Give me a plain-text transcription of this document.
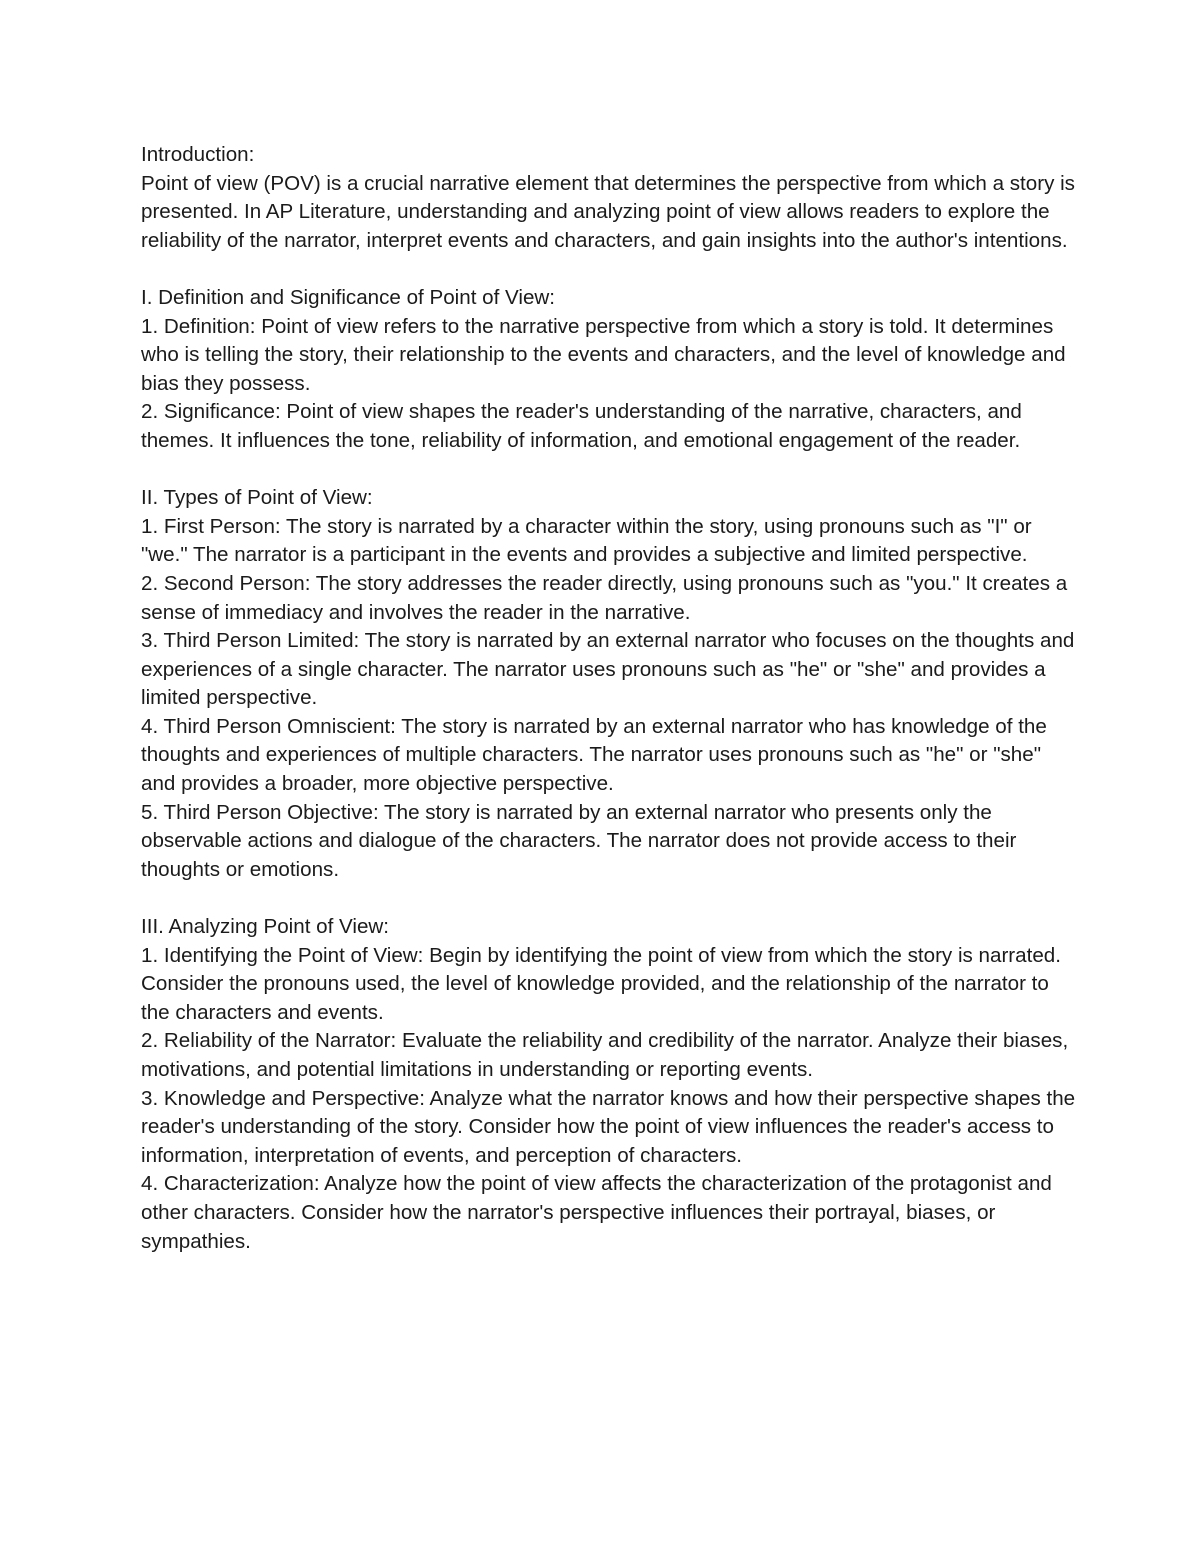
Introduction:

Point of view (POV) is a crucial narrative element that determines the perspective from which a story is presented. In AP Literature, understanding and analyzing point of view allows readers to explore the reliability of the narrator, interpret events and characters, and gain insights into the author's intentions.

I. Definition and Significance of Point of View:

1. Definition: Point of view refers to the narrative perspective from which a story is told. It determines who is telling the story, their relationship to the events and characters, and the level of knowledge and bias they possess.

2. Significance: Point of view shapes the reader's understanding of the narrative, characters, and themes. It influences the tone, reliability of information, and emotional engagement of the reader.

II. Types of Point of View:

1. First Person: The story is narrated by a character within the story, using pronouns such as "I" or "we." The narrator is a participant in the events and provides a subjective and limited perspective.

2. Second Person: The story addresses the reader directly, using pronouns such as "you." It creates a sense of immediacy and involves the reader in the narrative.

3. Third Person Limited: The story is narrated by an external narrator who focuses on the thoughts and experiences of a single character. The narrator uses pronouns such as "he" or "she" and provides a limited perspective.

4. Third Person Omniscient: The story is narrated by an external narrator who has knowledge of the thoughts and experiences of multiple characters. The narrator uses pronouns such as "he" or "she" and provides a broader, more objective perspective.

5. Third Person Objective: The story is narrated by an external narrator who presents only the observable actions and dialogue of the characters. The narrator does not provide access to their thoughts or emotions.

III. Analyzing Point of View:

1. Identifying the Point of View: Begin by identifying the point of view from which the story is narrated. Consider the pronouns used, the level of knowledge provided, and the relationship of the narrator to the characters and events.

2. Reliability of the Narrator: Evaluate the reliability and credibility of the narrator. Analyze their biases, motivations, and potential limitations in understanding or reporting events.

3. Knowledge and Perspective: Analyze what the narrator knows and how their perspective shapes the reader's understanding of the story. Consider how the point of view influences the reader's access to information, interpretation of events, and perception of characters.

4. Characterization: Analyze how the point of view affects the characterization of the protagonist and other characters. Consider how the narrator's perspective influences their portrayal, biases, or sympathies.
